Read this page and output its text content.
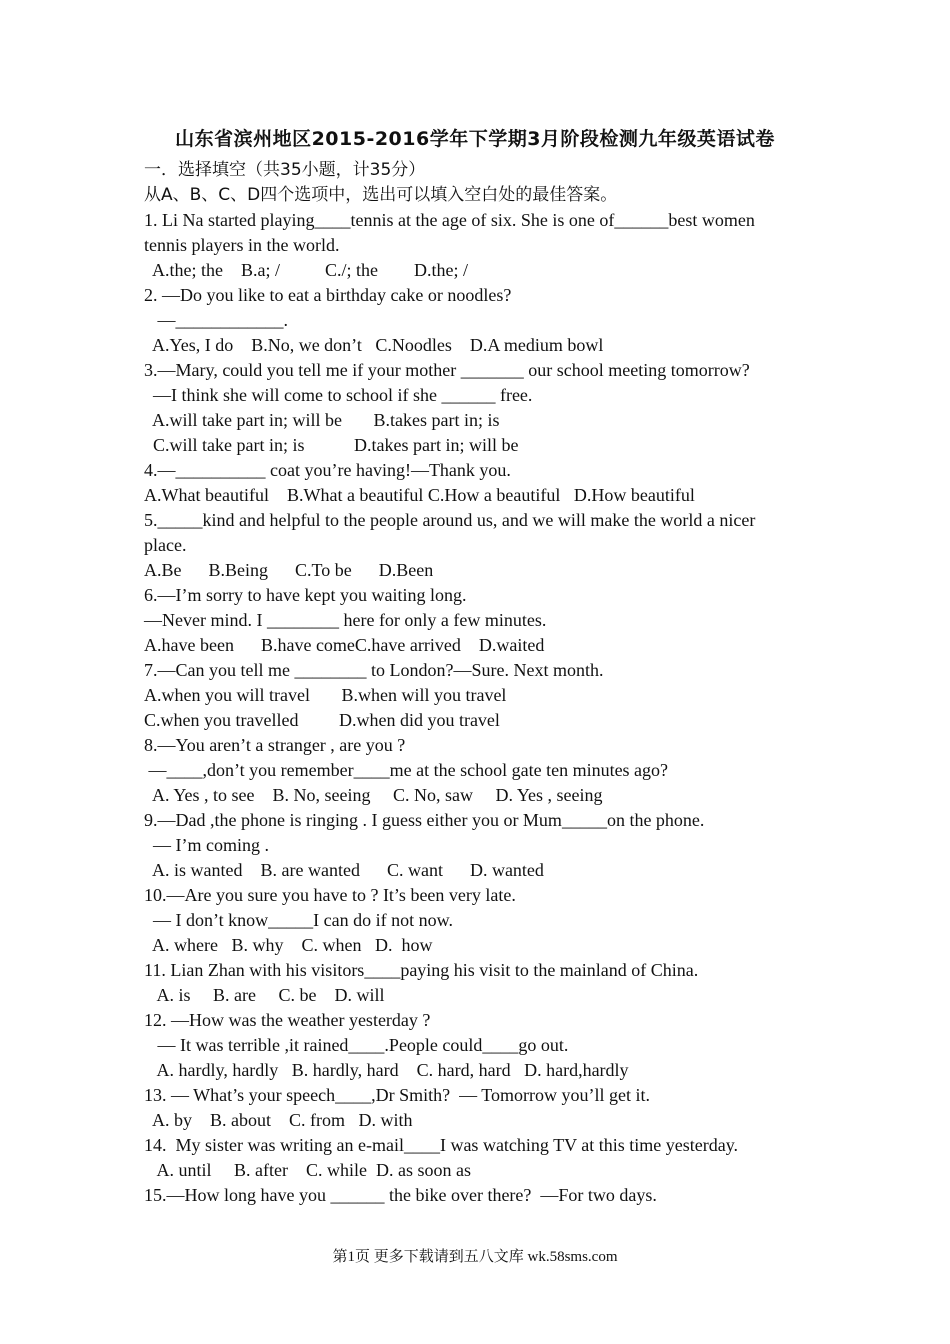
山东省滨州地区2015-2016学年下学期3月阶段检测九年级英语试卷
一．选择填空（共35小题，计35分）
从A、B、C、D四个选项中，选出可以填入空白处的最佳答案。
1. Li Na started playing____tennis at the age of six. She is one of______best women
tennis players in the world.
A.the; the    B.a; /          C./; the        D.the; /
2. —Do you like to eat a birthday cake or noodles?
—____________.
A.Yes, I do    B.No, we don’t   C.Noodles    D.A medium bowl
3.—Mary, could you tell me if your mother _______ our school meeting tomorrow?
—I think she will come to school if she ______ free.
A.will take part in; will be       B.takes part in; is
C.will take part in; is           D.takes part in; will be
4.—__________ coat you’re having!—Thank you.
A.What beautiful    B.What a beautiful C.How a beautiful   D.How beautiful
5._____kind and helpful to the people around us, and we will make the world a nicer
place.
A.Be      B.Being      C.To be      D.Been
6.—I’m sorry to have kept you waiting long.
—Never mind. I ________ here for only a few minutes.
A.have been      B.have comeC.have arrived    D.waited
7.—Can you tell me ________ to London?—Sure. Next month.
A.when you will travel       B.when will you travel
C.when you travelled         D.when did you travel
8.—You aren’t a stranger , are you ?
—____,don’t you remember____me at the school gate ten minutes ago?
A. Yes , to see    B. No, seeing     C. No, saw     D. Yes , seeing
9.—Dad ,the phone is ringing . I guess either you or Mum_____on the phone.
— I’m coming .
A. is wanted    B. are wanted      C. want      D. wanted
10.—Are you sure you have to ? It’s been very late.
— I don’t know_____I can do if not now.
A. where   B. why    C. when   D.  how
11. Lian Zhan with his visitors____paying his visit to the mainland of China.
A. is     B. are     C. be    D. will
12. —How was the weather yesterday ?
— It was terrible ,it rained____.People could____go out.
A. hardly, hardly   B. hardly, hard    C. hard, hard   D. hard,hardly
13. — What’s your speech____,Dr Smith?  — Tomorrow you’ll get it.
A. by    B. about    C. from   D. with
14.  My sister was writing an e-mail____I was watching TV at this time yesterday.
A. until     B. after    C. while  D. as soon as
15.—How long have you ______ the bike over there?  —For two days.
第1页 更多下载请到五八文库 wk.58sms.com
